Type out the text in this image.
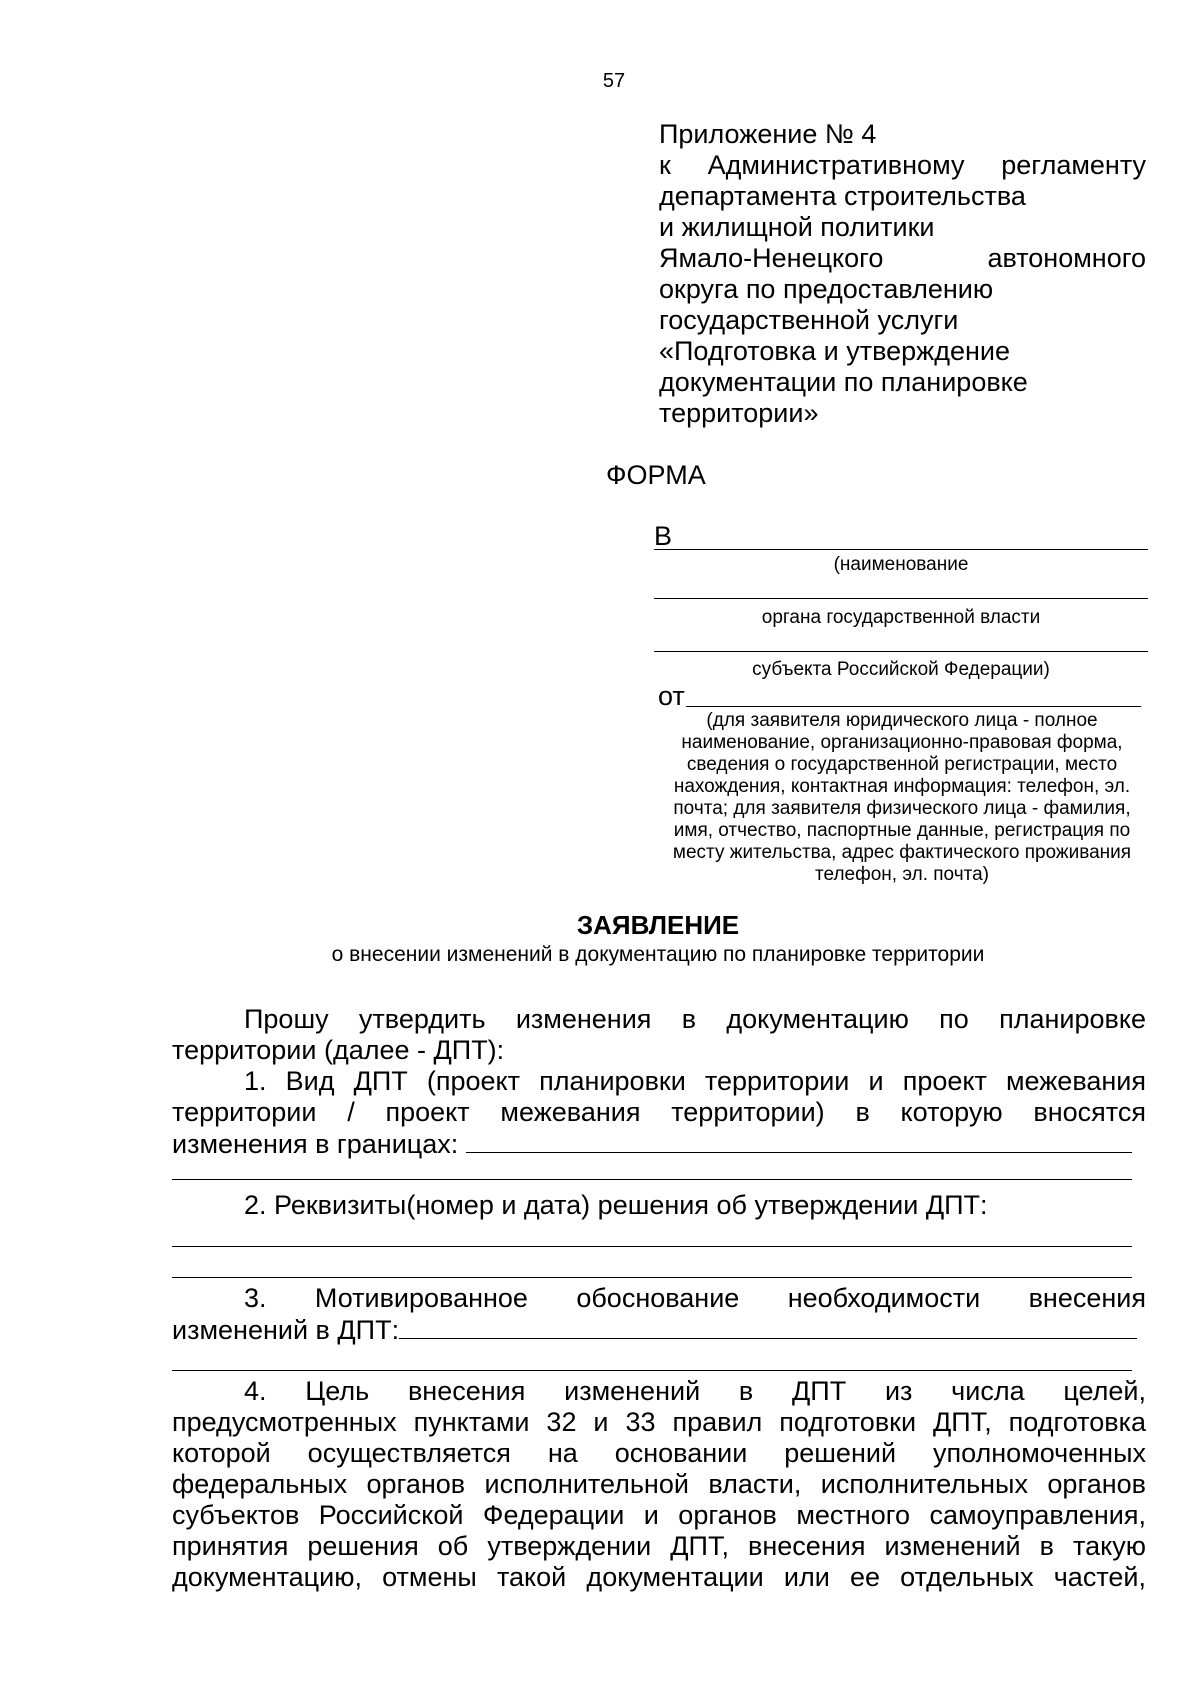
57
Приложение № 4
к Административному регламенту
департамента строительства
и жилищной политики
Ямало-Ненецкого автономного
округа по предоставлению
государственной услуги
«Подготовка и утверждение
документации по планировке
территории»
ФОРМА
В
(наименование
органа государственной власти
субъекта Российской Федерации)
от
(для заявителя юридического лица - полное наименование, организационно-правовая форма, сведения о государственной регистрации, место нахождения, контактная информация: телефон, эл. почта; для заявителя физического лица - фамилия, имя, отчество, паспортные данные, регистрация по месту жительства, адрес фактического проживания телефон, эл. почта)
ЗАЯВЛЕНИЕ
о внесении изменений в документацию по планировке территории
Прошу утвердить изменения в документацию по планировке
территории (далее - ДПТ):
1. Вид ДПТ (проект планировки территории и проект межевания
территории / проект межевания территории) в которую вносятся
изменения в границах:
2. Реквизиты(номер и дата) решения об утверждении ДПТ:
3. Мотивированное обоснование необходимости внесения
изменений в ДПТ:
4. Цель внесения изменений в ДПТ из числа целей,
предусмотренных пунктами 32 и 33 правил подготовки ДПТ, подготовка
которой осуществляется на основании решений уполномоченных
федеральных органов исполнительной власти, исполнительных органов
субъектов Российской Федерации и органов местного самоуправления,
принятия решения об утверждении ДПТ, внесения изменений в такую
документацию, отмены такой документации или ее отдельных частей,
